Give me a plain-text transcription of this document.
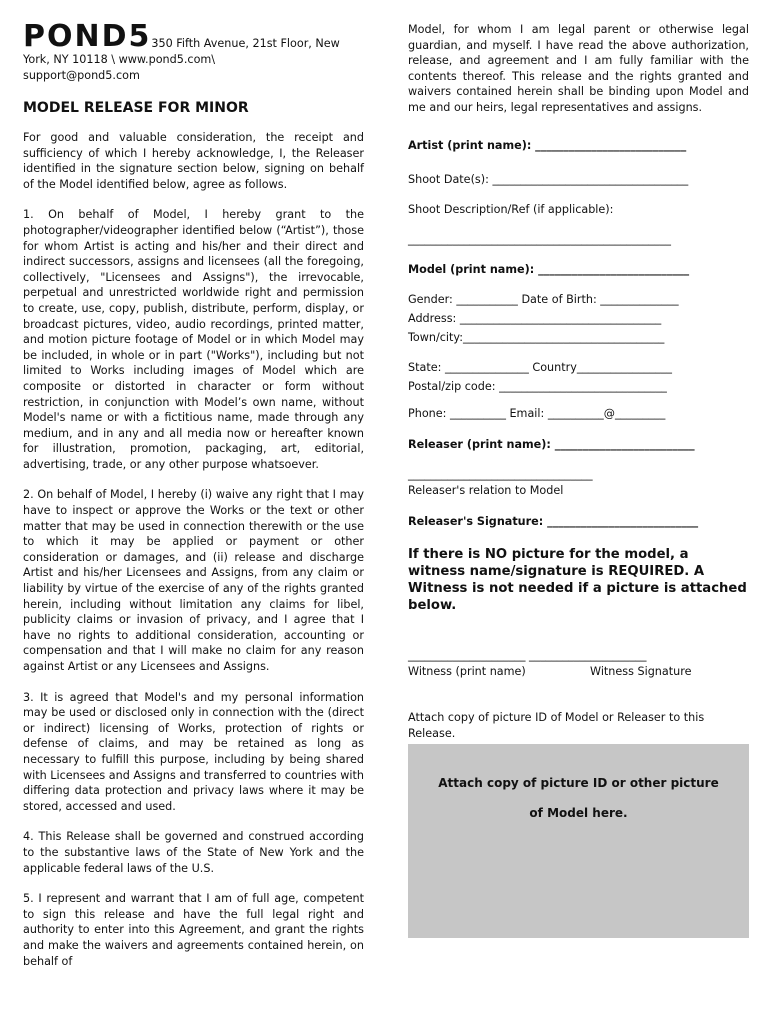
POND5350 Fifth Avenue, 21st Floor, New York, NY 10118 \ www.pond5.com\
support@pond5.com
MODEL RELEASE FOR MINOR

For good and valuable consideration, the receipt and sufficiency of which I hereby acknowledge, I, the Releaser identified in the signature section below, signing on behalf of the Model identified below, agree as follows.

1. On behalf of Model, I hereby grant to the photographer/videographer identified below (“Artist”), those for whom Artist is acting and his/her and their direct and indirect successors, assigns and licensees (all the foregoing, collectively, "Licensees and Assigns"), the irrevocable, perpetual and unrestricted worldwide right and permission to create, use, copy, publish, distribute, perform, display, or broadcast pictures, video, audio recordings, printed matter, and motion picture footage of Model or in which Model may be included, in whole or in part ("Works"), including but not limited to Works including images of Model which are composite or distorted in character or form without restriction, in conjunction with Model’s own name, without Model's name or with a fictitious name, made through any medium, and in any and all media now or hereafter known for illustration, promotion, packaging, art, editorial, advertising, trade, or any other purpose whatsoever.

2. On behalf of Model, I hereby (i) waive any right that I may have to inspect or approve the Works or the text or other matter that may be used in connection therewith or the use to which it may be applied or payment or other consideration or damages, and (ii) release and discharge Artist and his/her Licensees and Assigns, from any claim or liability by virtue of the exercise of any of the rights granted herein, including without limitation any claims for libel, publicity claims or invasion of privacy, and I agree that I have no rights to additional consideration, accounting or compensation and that I will make no claim for any reason against Artist or any Licensees and Assigns.

3. It is agreed that Model's and my personal information may be used or disclosed only in connection with the (direct or indirect) licensing of Works, protection of rights or defense of claims, and may be retained as long as necessary to fulfill this purpose, including by being shared with Licensees and Assigns and transferred to countries with differing data protection and privacy laws where it may be stored, accessed and used.

4. This Release shall be governed and construed according to the substantive laws of the State of New York and the applicable federal laws of the U.S.

5. I represent and warrant that I am of full age, competent to sign this release and have the full legal right and authority to enter into this Agreement, and grant the rights and make the waivers and agreements contained herein, on behalf of

Model, for whom I am legal parent or otherwise legal guardian, and myself. I have read the above authorization, release, and agreement and I am fully familiar with the contents thereof. This release and the rights granted and waivers contained herein shall be binding upon Model and me and our heirs, legal representatives and assigns.

Artist (print name): ___________________________

Shoot Date(s): ___________________________________

Shoot Description/Ref (if applicable):

_______________________________________________

Model (print name): ___________________________

Gender: ___________ Date of Birth: ______________

Address: ____________________________________

Town/city:____________________________________

State: _______________ Country_________________

Postal/zip code: ______________________________

Phone: __________ Email: __________@_________

Releaser (print name): _________________________

_________________________________

Releaser's relation to Model

Releaser's Signature: ___________________________

If there is NO picture for the model, a witness name/signature is REQUIRED. A Witness is not needed if a picture is attached below.

_____________________ _____________________

Witness (print name)	Witness Signature

Attach copy of picture ID of Model or Releaser to this Release.

Attach copy of picture ID or other picture
of Model here.
